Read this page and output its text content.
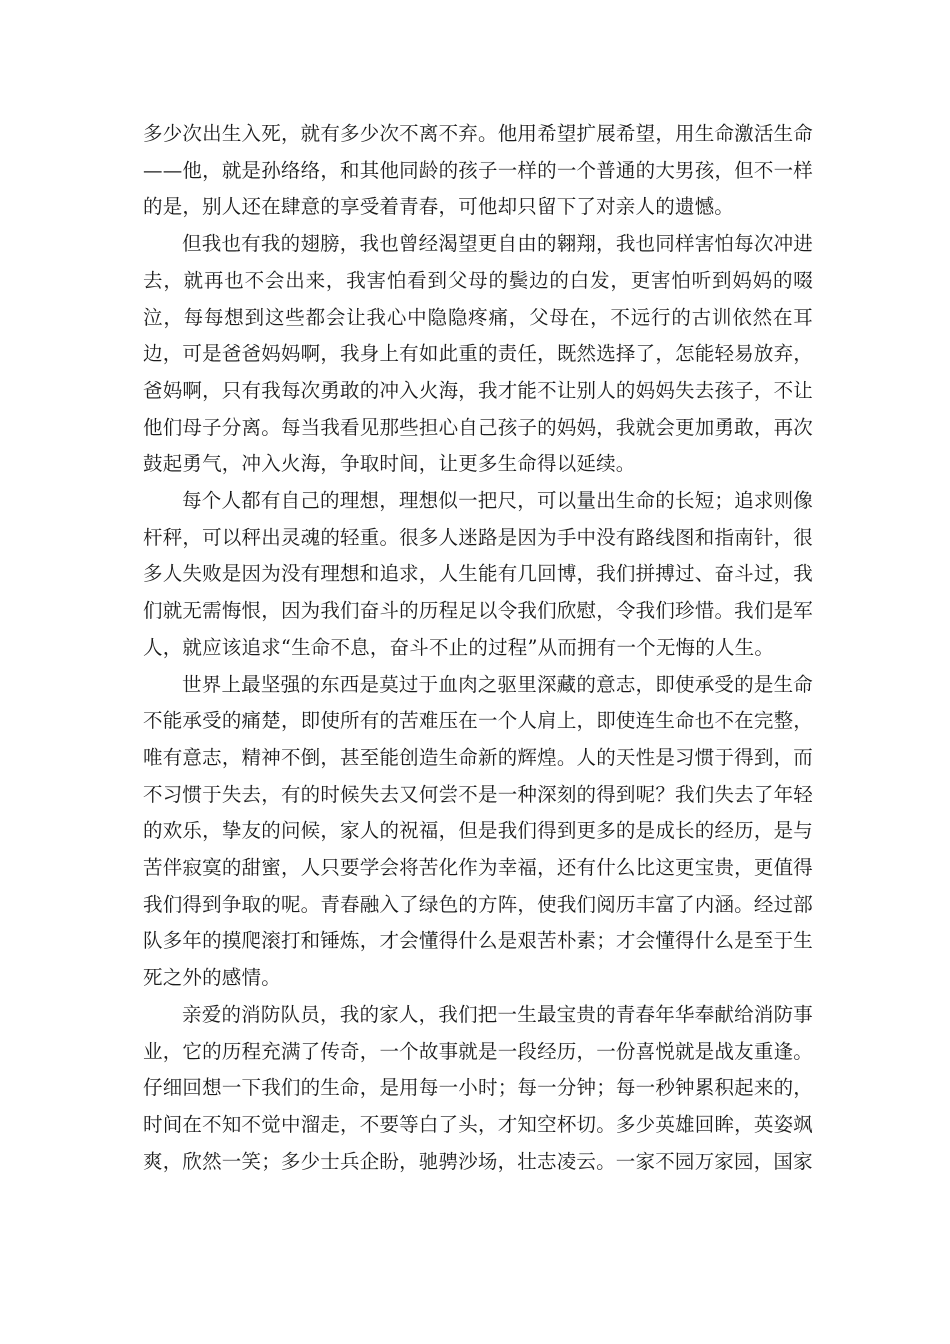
多少次出生入死，就有多少次不离不弃。他用希望扩展希望，用生命激活生命——他，就是孙络络，和其他同龄的孩子一样的一个普通的大男孩，但不一样的是，别人还在肆意的享受着青春，可他却只留下了对亲人的遗憾。

但我也有我的翅膀，我也曾经渴望更自由的翱翔，我也同样害怕每次冲进去，就再也不会出来，我害怕看到父母的鬓边的白发，更害怕听到妈妈的啜泣，每每想到这些都会让我心中隐隐疼痛，父母在，不远行的古训依然在耳边，可是爸爸妈妈啊，我身上有如此重的责任，既然选择了，怎能轻易放弃，爸妈啊，只有我每次勇敢的冲入火海，我才能不让别人的妈妈失去孩子，不让他们母子分离。每当我看见那些担心自己孩子的妈妈，我就会更加勇敢，再次鼓起勇气，冲入火海，争取时间，让更多生命得以延续。

每个人都有自己的理想，理想似一把尺，可以量出生命的长短；追求则像杆秤，可以秤出灵魂的轻重。很多人迷路是因为手中没有路线图和指南针，很多人失败是因为没有理想和追求，人生能有几回博，我们拼搏过、奋斗过，我们就无需悔恨，因为我们奋斗的历程足以令我们欣慰，令我们珍惜。我们是军人，就应该追求“生命不息，奋斗不止的过程”从而拥有一个无悔的人生。

世界上最坚强的东西是莫过于血肉之驱里深藏的意志，即使承受的是生命不能承受的痛楚，即使所有的苦难压在一个人肩上，即使连生命也不在完整，唯有意志，精神不倒，甚至能创造生命新的辉煌。人的天性是习惯于得到，而不习惯于失去，有的时候失去又何尝不是一种深刻的得到呢？我们失去了年轻的欢乐，挚友的问候，家人的祝福，但是我们得到更多的是成长的经历，是与苦伴寂寞的甜蜜，人只要学会将苦化作为幸福，还有什么比这更宝贵，更值得我们得到争取的呢。青春融入了绿色的方阵，使我们阅历丰富了内涵。经过部队多年的摸爬滚打和锤炼，才会懂得什么是艰苦朴素；才会懂得什么是至于生死之外的感情。

亲爱的消防队员，我的家人，我们把一生最宝贵的青春年华奉献给消防事业，它的历程充满了传奇，一个故事就是一段经历，一份喜悦就是战友重逢。仔细回想一下我们的生命，是用每一小时；每一分钟；每一秒钟累积起来的，时间在不知不觉中溜走，不要等白了头，才知空杯切。多少英雄回眸，英姿飒爽，欣然一笑；多少士兵企盼，驰骋沙场，壮志凌云。一家不园万家园，国家
